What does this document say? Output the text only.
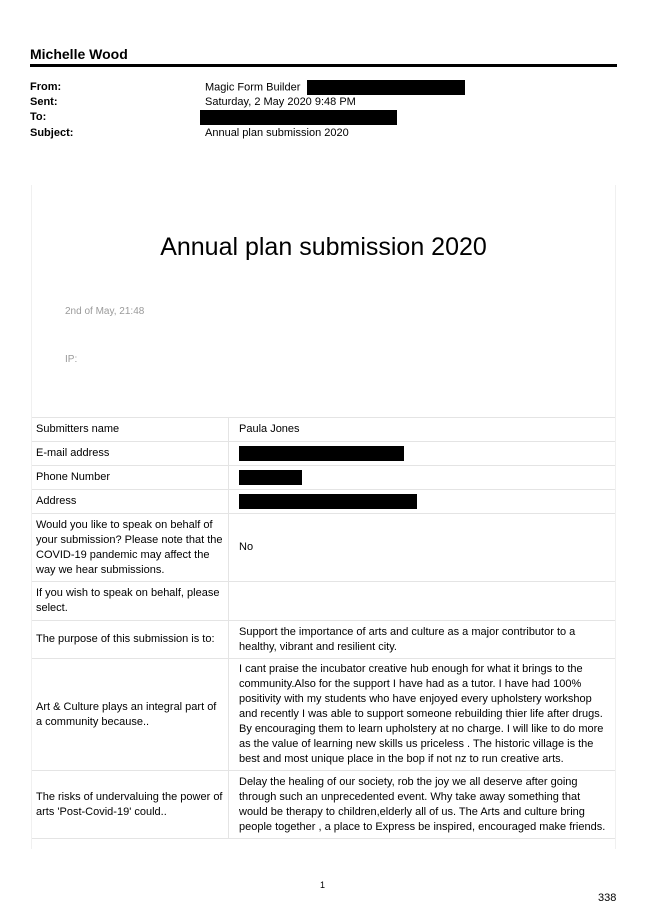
Michelle Wood
From:	Magic Form Builder
Sent:	Saturday, 2 May 2020 9:48 PM
To:
Subject:	Annual plan submission 2020
Annual plan submission 2020
2nd of May, 21:48
IP:
Submitters name	Paula Jones
E-mail address	
Phone Number	
Address	
Would you like to speak on behalf of your submission? Please note that the COVID-19 pandemic may affect the way we hear submissions.	No
If you wish to speak on behalf, please select.	
The purpose of this submission is to:	Support the importance of arts and culture as a major contributor to a healthy, vibrant and resilient city.
Art & Culture plays an integral part of a community because..	I cant praise the incubator creative hub enough for what it brings to the community.Also for the support I have had as a tutor. I have had 100% positivity with my students who have enjoyed every upholstery workshop and recently I was able to support someone rebuilding thier life after drugs. By encouraging them to learn upholstery at no charge. I will like to do more as the value of learning new skills us priceless . The historic village is the best and most unique place in the bop if not nz to run creative arts.
The risks of undervaluing the power of arts 'Post-Covid-19' could..	Delay the healing of our society, rob the joy we all deserve after going through such an unprecedented event. Why take away something that would be therapy to children,elderly all of us. The Arts and culture bring people together , a place to Express be inspired, encouraged make friends.
1
338
